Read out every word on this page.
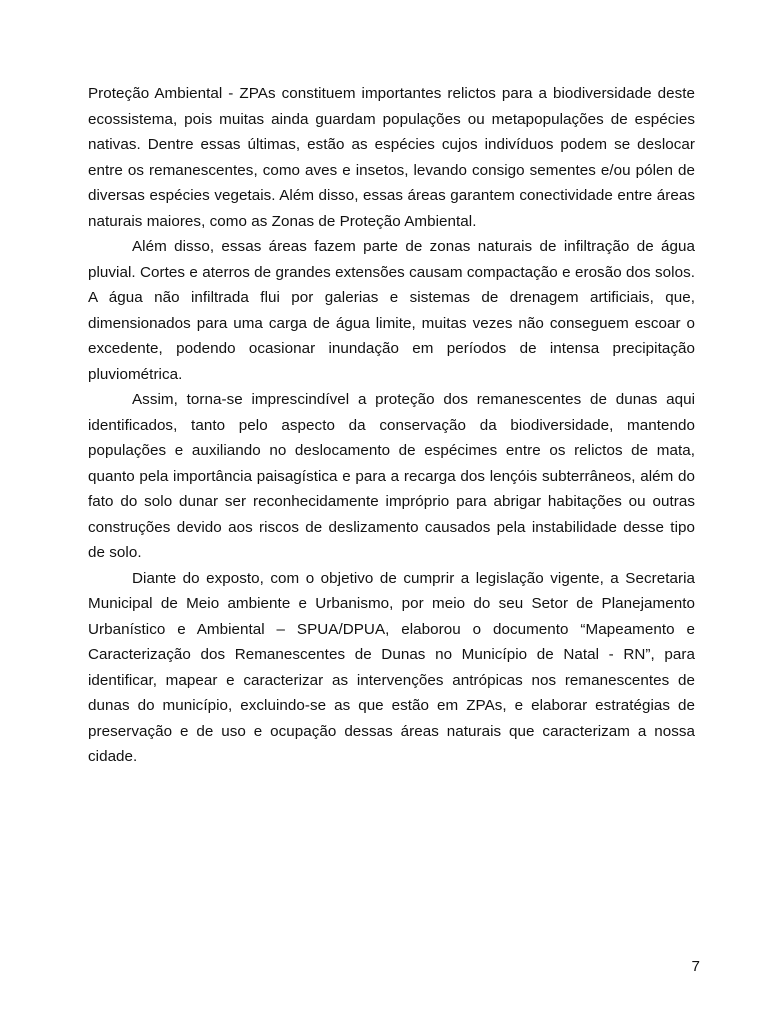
Proteção Ambiental - ZPAs constituem importantes relictos para a biodiversidade deste ecossistema, pois muitas ainda guardam populações ou metapopulações de espécies nativas. Dentre essas últimas, estão as espécies cujos indivíduos podem se deslocar entre os remanescentes, como aves e insetos, levando consigo sementes e/ou pólen de diversas espécies vegetais. Além disso, essas áreas garantem conectividade entre áreas naturais maiores, como as Zonas de Proteção Ambiental.

Além disso, essas áreas fazem parte de zonas naturais de infiltração de água pluvial. Cortes e aterros de grandes extensões causam compactação e erosão dos solos. A água não infiltrada flui por galerias e sistemas de drenagem artificiais, que, dimensionados para uma carga de água limite, muitas vezes não conseguem escoar o excedente, podendo ocasionar inundação em períodos de intensa precipitação pluviométrica.

Assim, torna-se imprescindível a proteção dos remanescentes de dunas aqui identificados, tanto pelo aspecto da conservação da biodiversidade, mantendo populações e auxiliando no deslocamento de espécimes entre os relictos de mata, quanto pela importância paisagística e para a recarga dos lençóis subterrâneos, além do fato do solo dunar ser reconhecidamente impróprio para abrigar habitações ou outras construções devido aos riscos de deslizamento causados pela instabilidade desse tipo de solo.

Diante do exposto, com o objetivo de cumprir a legislação vigente, a Secretaria Municipal de Meio ambiente e Urbanismo, por meio do seu Setor de Planejamento Urbanístico e Ambiental – SPUA/DPUA, elaborou o documento “Mapeamento e Caracterização dos Remanescentes de Dunas no Município de Natal - RN”, para identificar, mapear e caracterizar as intervenções antrópicas nos remanescentes de dunas do município, excluindo-se as que estão em ZPAs, e elaborar estratégias de preservação e de uso e ocupação dessas áreas naturais que caracterizam a nossa cidade.

7
